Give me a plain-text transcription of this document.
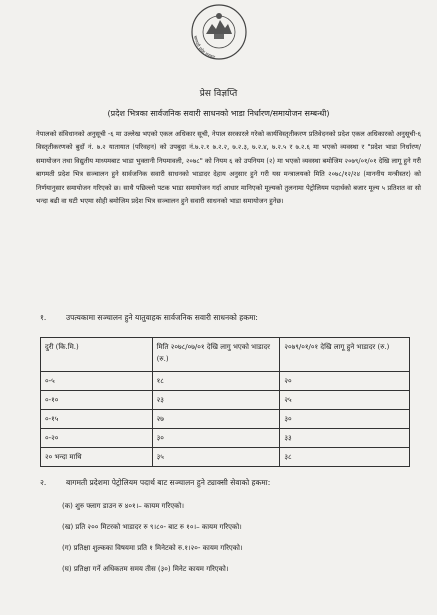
बागमती प्रदेश सरकार
प्रेस विज्ञप्ति
(प्रदेश भित्रका सार्वजनिक सवारी साधनको भाडा निर्धारण/समायोजन सम्बन्धी)

नेपालको संविधानको अनुसूची -६ मा उल्लेख भएको एकल अधिकार सूची, नेपाल सरकारले गरेको कार्यविस्तृतीकरण प्रतिवेदनको प्रदेश एकल अधिकारको अनुसूची-६ विस्तृतीकरणको बुदाँ नं. ७.२ यातायात (परिवहन) को उपबुदा नं.७.२.१ ७.२.२, ७.२.३, ७.२.४, ७.२.५ र ७.२.६ मा भएको व्यवस्था र "प्रदेश भाडा निर्धारण/समायोजन तथा विद्युतीय माध्यमबाट भाडा भुक्तानी नियमावली, २०७८" को नियम ६ को उपनियम (२) मा भएको व्यवस्था बमोजिम २०७९/०१/०१ देखि लागू हुने गरी बागमती प्रदेश भित्र सञ्चालन हुने सार्वजनिक सवारी साधनको भाडादर देहाय अनुसार हुने गरी यस मन्त्रालयको मिति २०७८/१२/२४ (माननीय मन्त्रीस्तर) को निर्णयानुसार समायोजन गरिएको छ। साथै पछिल्लो पटक भाडा समायोजन गर्दा आधार मानिएको मूल्यको तुलनामा पेट्रोलियम पदार्थको बजार मूल्य ५ प्रतिशत वा सो भन्दा बढी वा घटी भएमा सोही बमोजिम प्रदेश भित्र सञ्चालन हुने सवारी साधनको भाडा समायोजन हुनेछ।

१.	उपत्यकामा सञ्चालन हुने यातुवाहक सार्वजनिक सवारी साधनको हकमा:
दुरी (कि.मि.)	मिति २०७८/०७/०१ देखि लागु भएको भाडादर (रु.)	२०७९/०१/०१ देखि लागू हुने भाडादर (रु.)
०-५	१८	२०
०-१०	२३	२५
०-१५	२७	३०
०-२०	३०	३३
२० भन्दा माथि	३५	३८
२.	बागमती प्रदेशमा पेट्रोलियम पदार्थ बाट सञ्चालन हुने ट्याक्सी सेवाको हकमा:
(क) शुरु फ्लाग डाउन रु ४०१।– कायम गरिएको।
(ख) प्रति २०० मिटरको भाडादर रु ९।८०- बाट रु १०।– कायम गरिएको।
(ग) प्रतिक्षा शुल्कका विषयमा प्रति १ मिनेटको रु.१।२०- कायम गरिएको।
(घ) प्रतिक्षा गर्ने अधिकतम समय तीस (३०) मिनेट कायम गरिएको।
